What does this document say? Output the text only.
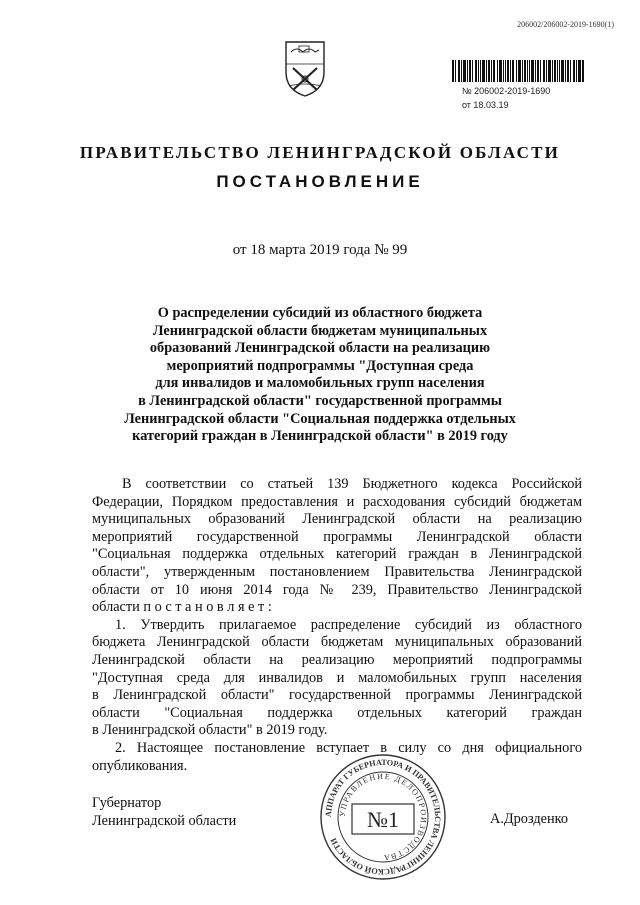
206002/206002-2019-1690(1)
№ 206002-2019-1690
от 18.03.19
ПРАВИТЕЛЬСТВО ЛЕНИНГРАДСКОЙ ОБЛАСТИ
ПОСТАНОВЛЕНИЕ
от 18 марта 2019 года № 99
О распределении субсидий из областного бюджета
Ленинградской области бюджетам муниципальных
образований Ленинградской области на реализацию
мероприятий подпрограммы "Доступная среда
для инвалидов и маломобильных групп населения
в Ленинградской области" государственной программы
Ленинградской области "Социальная поддержка отдельных
категорий граждан в Ленинградской области" в 2019 году
В соответствии со статьей 139 Бюджетного кодекса Российской
Федерации, Порядком предоставления и расходования субсидий бюджетам
муниципальных образований Ленинградской области на реализацию
мероприятий государственной программы Ленинградской области
"Социальная поддержка отдельных категорий граждан в Ленинградской
области", утвержденным постановлением Правительства Ленинградской
области от 10 июня 2014 года № 239, Правительство Ленинградской
области п о с т а н о в л я е т :
1. Утвердить прилагаемое распределение субсидий из областного
бюджета Ленинградской области бюджетам муниципальных образований
Ленинградской области на реализацию мероприятий подпрограммы
"Доступная среда для инвалидов и маломобильных групп населения
в Ленинградской области" государственной программы Ленинградской
области "Социальная поддержка отдельных категорий граждан
в Ленинградской области" в 2019 году.
2. Настоящее постановление вступает в силу со дня официального
опубликования.
Губернатор
Ленинградской области	А.Дрозденко
АППАРАТ ГУБЕРНАТОРА И ПРАВИТЕЛЬСТВА ЛЕНИНГРАДСКОЙ ОБЛАСТИ
УПРАВЛЕНИЕ ДЕЛОПРОИЗВОДСТВА
№1
